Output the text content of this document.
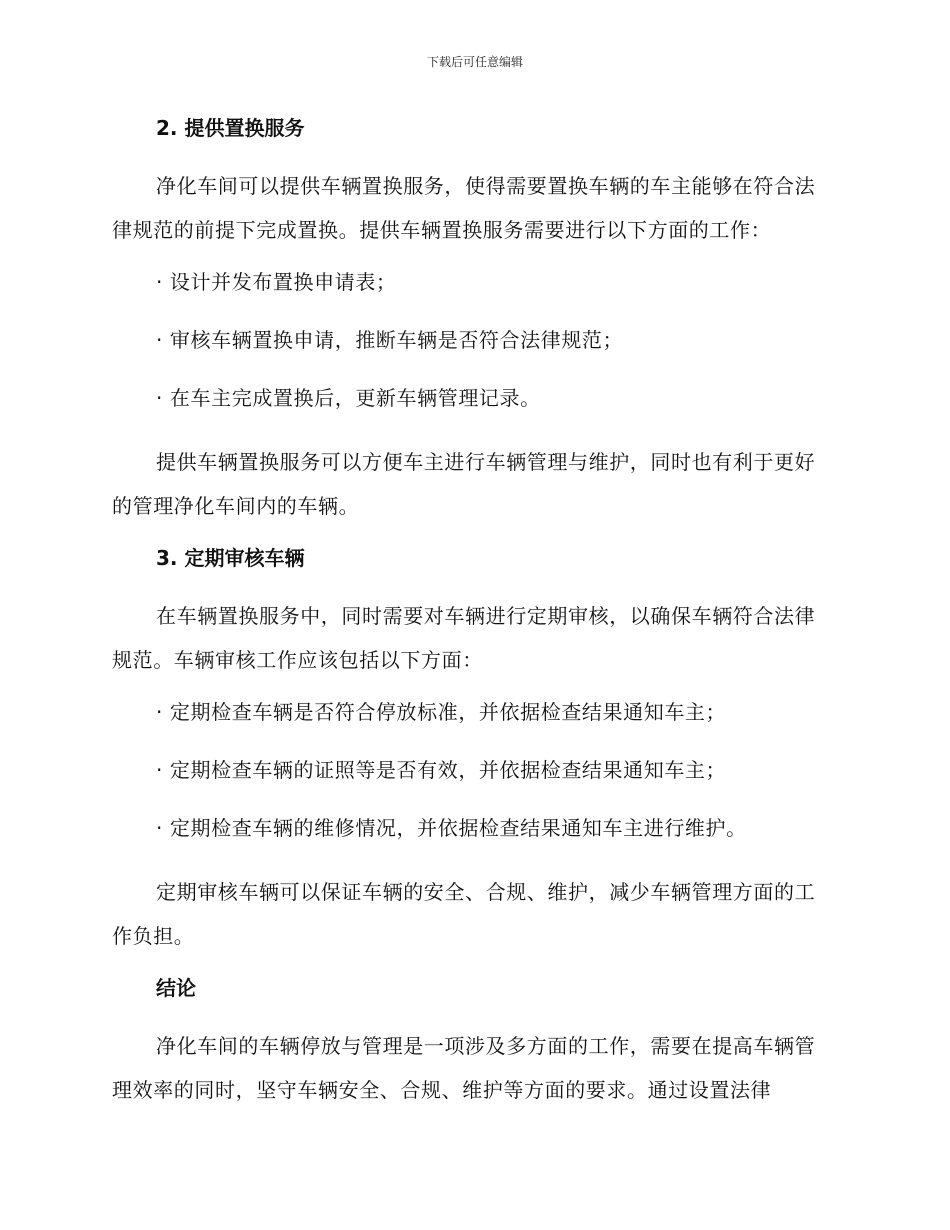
下载后可任意编辑
2. 提供置换服务
净化车间可以提供车辆置换服务，使得需要置换车辆的车主能够在符合法律规范的前提下完成置换。提供车辆置换服务需要进行以下方面的工作：
· 设计并发布置换申请表；
· 审核车辆置换申请，推断车辆是否符合法律规范；
· 在车主完成置换后，更新车辆管理记录。
提供车辆置换服务可以方便车主进行车辆管理与维护，同时也有利于更好的管理净化车间内的车辆。
3. 定期审核车辆
在车辆置换服务中，同时需要对车辆进行定期审核，以确保车辆符合法律规范。车辆审核工作应该包括以下方面：
· 定期检查车辆是否符合停放标准，并依据检查结果通知车主；
· 定期检查车辆的证照等是否有效，并依据检查结果通知车主；
· 定期检查车辆的维修情况，并依据检查结果通知车主进行维护。
定期审核车辆可以保证车辆的安全、合规、维护，减少车辆管理方面的工作负担。
结论
净化车间的车辆停放与管理是一项涉及多方面的工作，需要在提高车辆管理效率的同时，坚守车辆安全、合规、维护等方面的要求。通过设置法律
